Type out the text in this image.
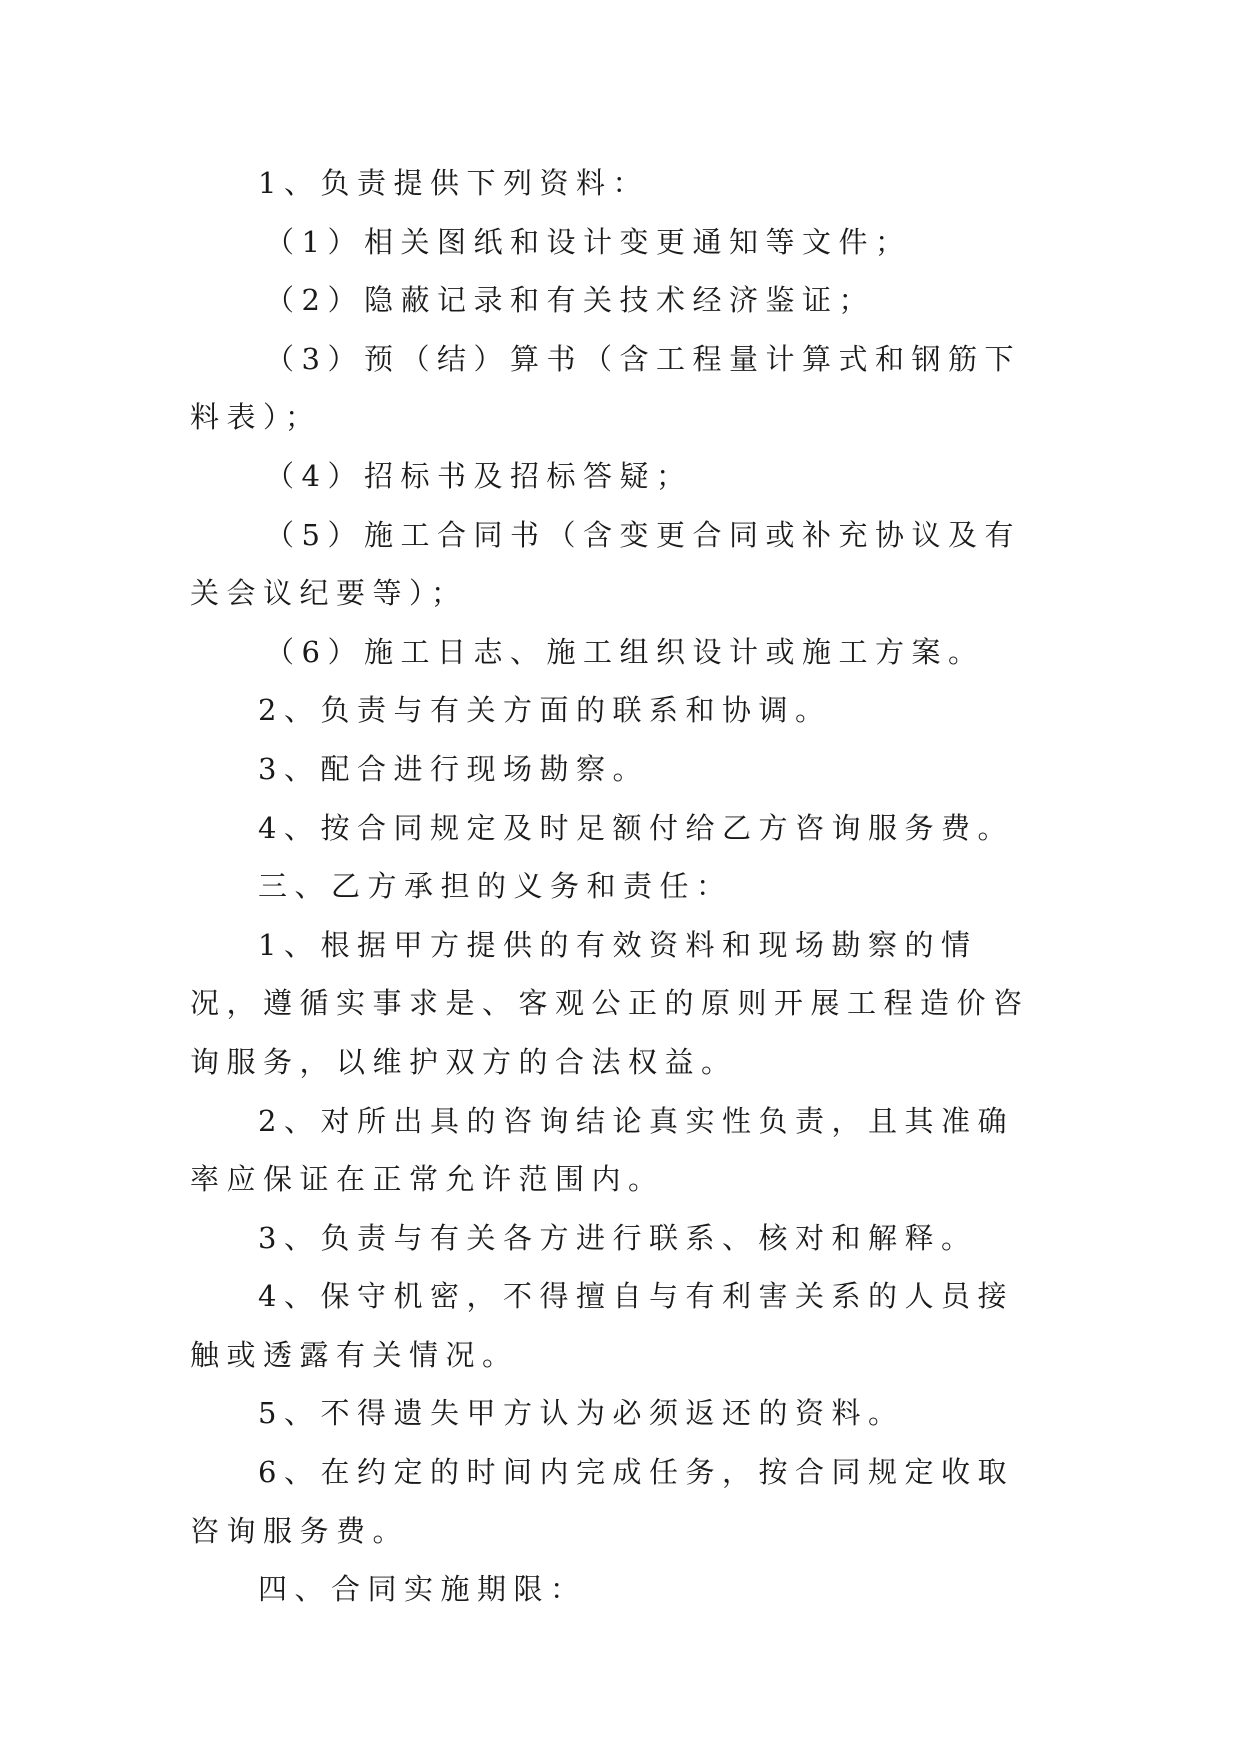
1、负责提供下列资料：

（1）相关图纸和设计变更通知等文件；

（2）隐蔽记录和有关技术经济鉴证；

（3）预（结）算书（含工程量计算式和钢筋下料表）；

（4）招标书及招标答疑；

（5）施工合同书（含变更合同或补充协议及有关会议纪要等）；

（6）施工日志、施工组织设计或施工方案。

2、负责与有关方面的联系和协调。

3、配合进行现场勘察。

4、按合同规定及时足额付给乙方咨询服务费。

三、乙方承担的义务和责任：

1、根据甲方提供的有效资料和现场勘察的情况，遵循实事求是、客观公正的原则开展工程造价咨询服务，以维护双方的合法权益。

2、对所出具的咨询结论真实性负责，且其准确率应保证在正常允许范围内。

3、负责与有关各方进行联系、核对和解释。

4、保守机密，不得擅自与有利害关系的人员接触或透露有关情况。

5、不得遗失甲方认为必须返还的资料。

6、在约定的时间内完成任务，按合同规定收取咨询服务费。

四、合同实施期限：
